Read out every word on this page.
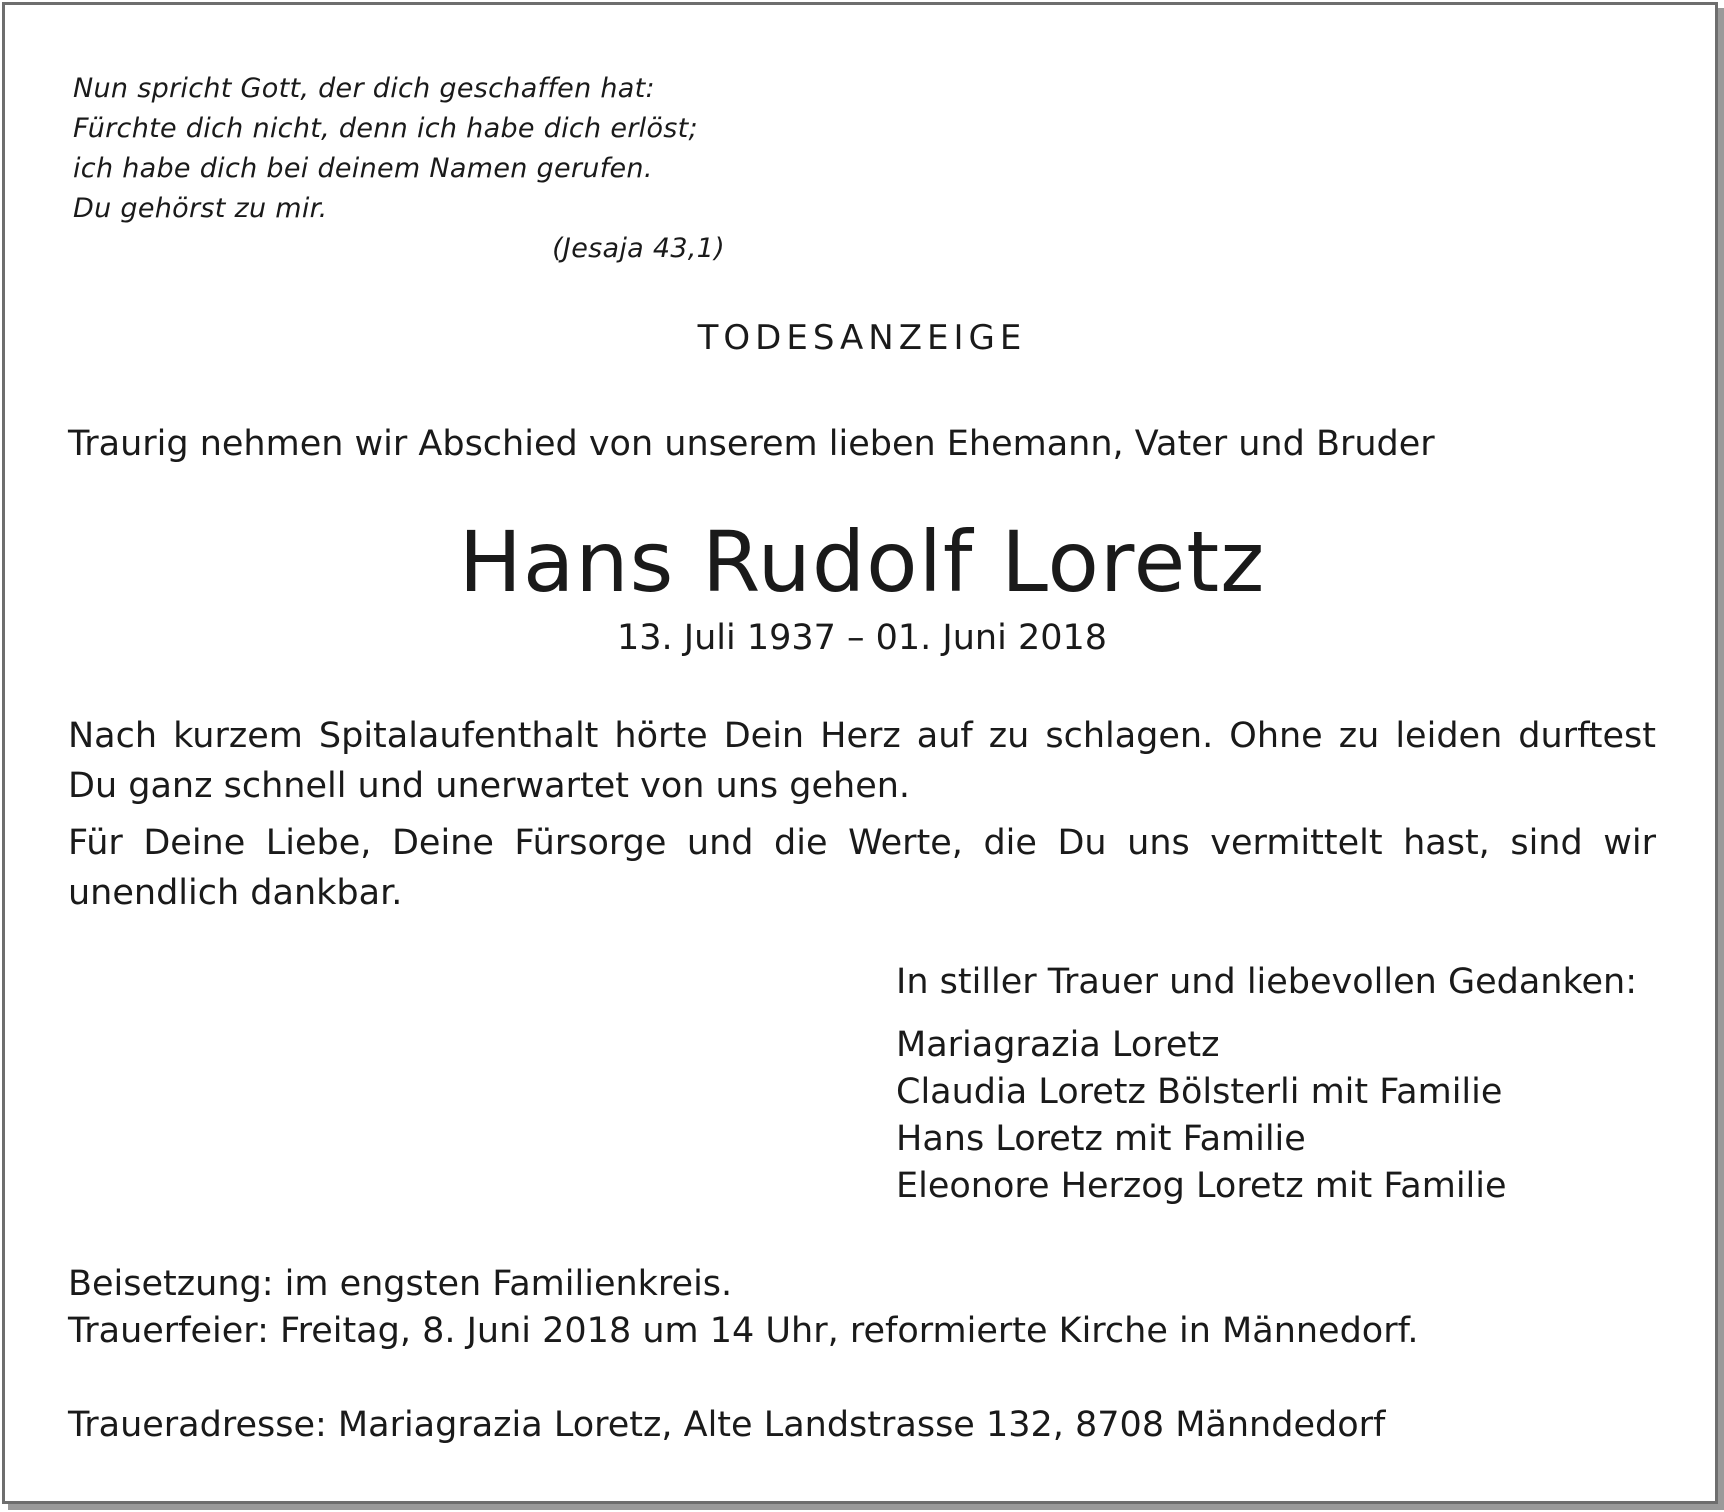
Nun spricht Gott, der dich geschaffen hat:
Fürchte dich nicht, denn ich habe dich erlöst;
ich habe dich bei deinem Namen gerufen.
Du gehörst zu mir.
(Jesaja 43,1)
TODESANZEIGE
Traurig nehmen wir Abschied von unserem lieben Ehemann, Vater und Bruder
Hans Rudolf Loretz
13. Juli 1937 – 01. Juni 2018
Nach kurzem Spitalaufenthalt hörte Dein Herz auf zu schlagen. Ohne zu leiden durftest Du ganz schnell und unerwartet von uns gehen.
Für Deine Liebe, Deine Fürsorge und die Werte, die Du uns vermittelt hast, sind wir unendlich dankbar.
In stiller Trauer und liebevollen Gedanken:
Mariagrazia Loretz
Claudia Loretz Bölsterli mit Familie
Hans Loretz mit Familie
Eleonore Herzog Loretz mit Familie
Beisetzung: im engsten Familienkreis.
Trauerfeier: Freitag, 8. Juni 2018 um 14 Uhr, reformierte Kirche in Männedorf.
Traueradresse: Mariagrazia Loretz, Alte Landstrasse 132, 8708 Männdedorf
